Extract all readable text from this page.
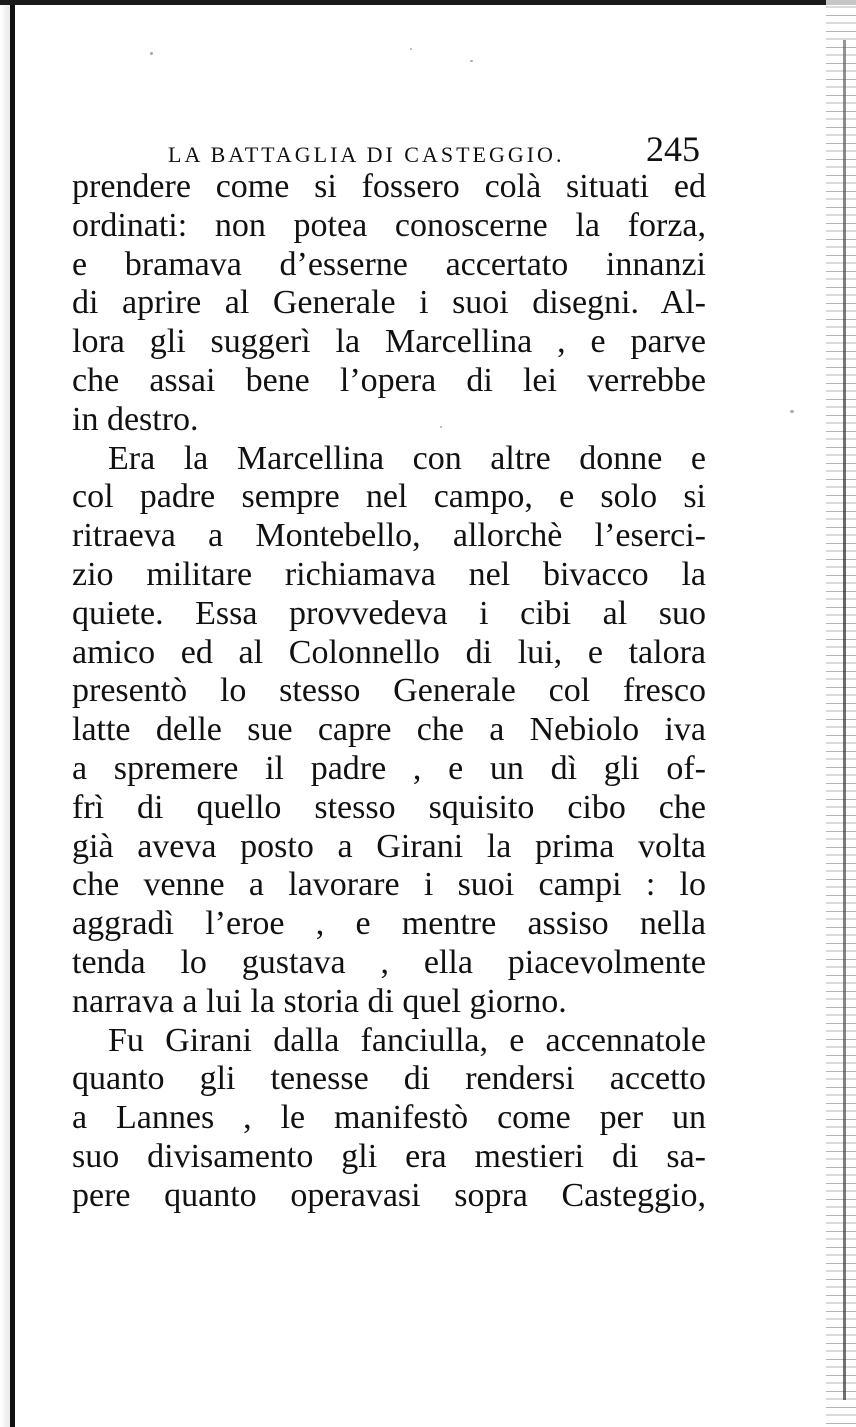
LA BATTAGLIA DI CASTEGGIO. 245
prendere come si fossero colà situati ed
ordinati: non potea conoscerne la forza,
e bramava d’esserne accertato innanzi
di aprire al Generale i suoi disegni. Al-
lora gli suggerì la Marcellina , e parve
che assai bene l’opera di lei verrebbe
in destro.
Era la Marcellina con altre donne e
col padre sempre nel campo, e solo si
ritraeva a Montebello, allorchè l’eserci-
zio militare richiamava nel bivacco la
quiete. Essa provvedeva i cibi al suo
amico ed al Colonnello di lui, e talora
presentò lo stesso Generale col fresco
latte delle sue capre che a Nebiolo iva
a spremere il padre , e un dì gli of-
frì di quello stesso squisito cibo che
già aveva posto a Girani la prima volta
che venne a lavorare i suoi campi : lo
aggradì l’eroe , e mentre assiso nella
tenda lo gustava , ella piacevolmente
narrava a lui la storia di quel giorno.
Fu Girani dalla fanciulla, e accennatole
quanto gli tenesse di rendersi accetto
a Lannes , le manifestò come per un
suo divisamento gli era mestieri di sa-
pere quanto operavasi sopra Casteggio,
